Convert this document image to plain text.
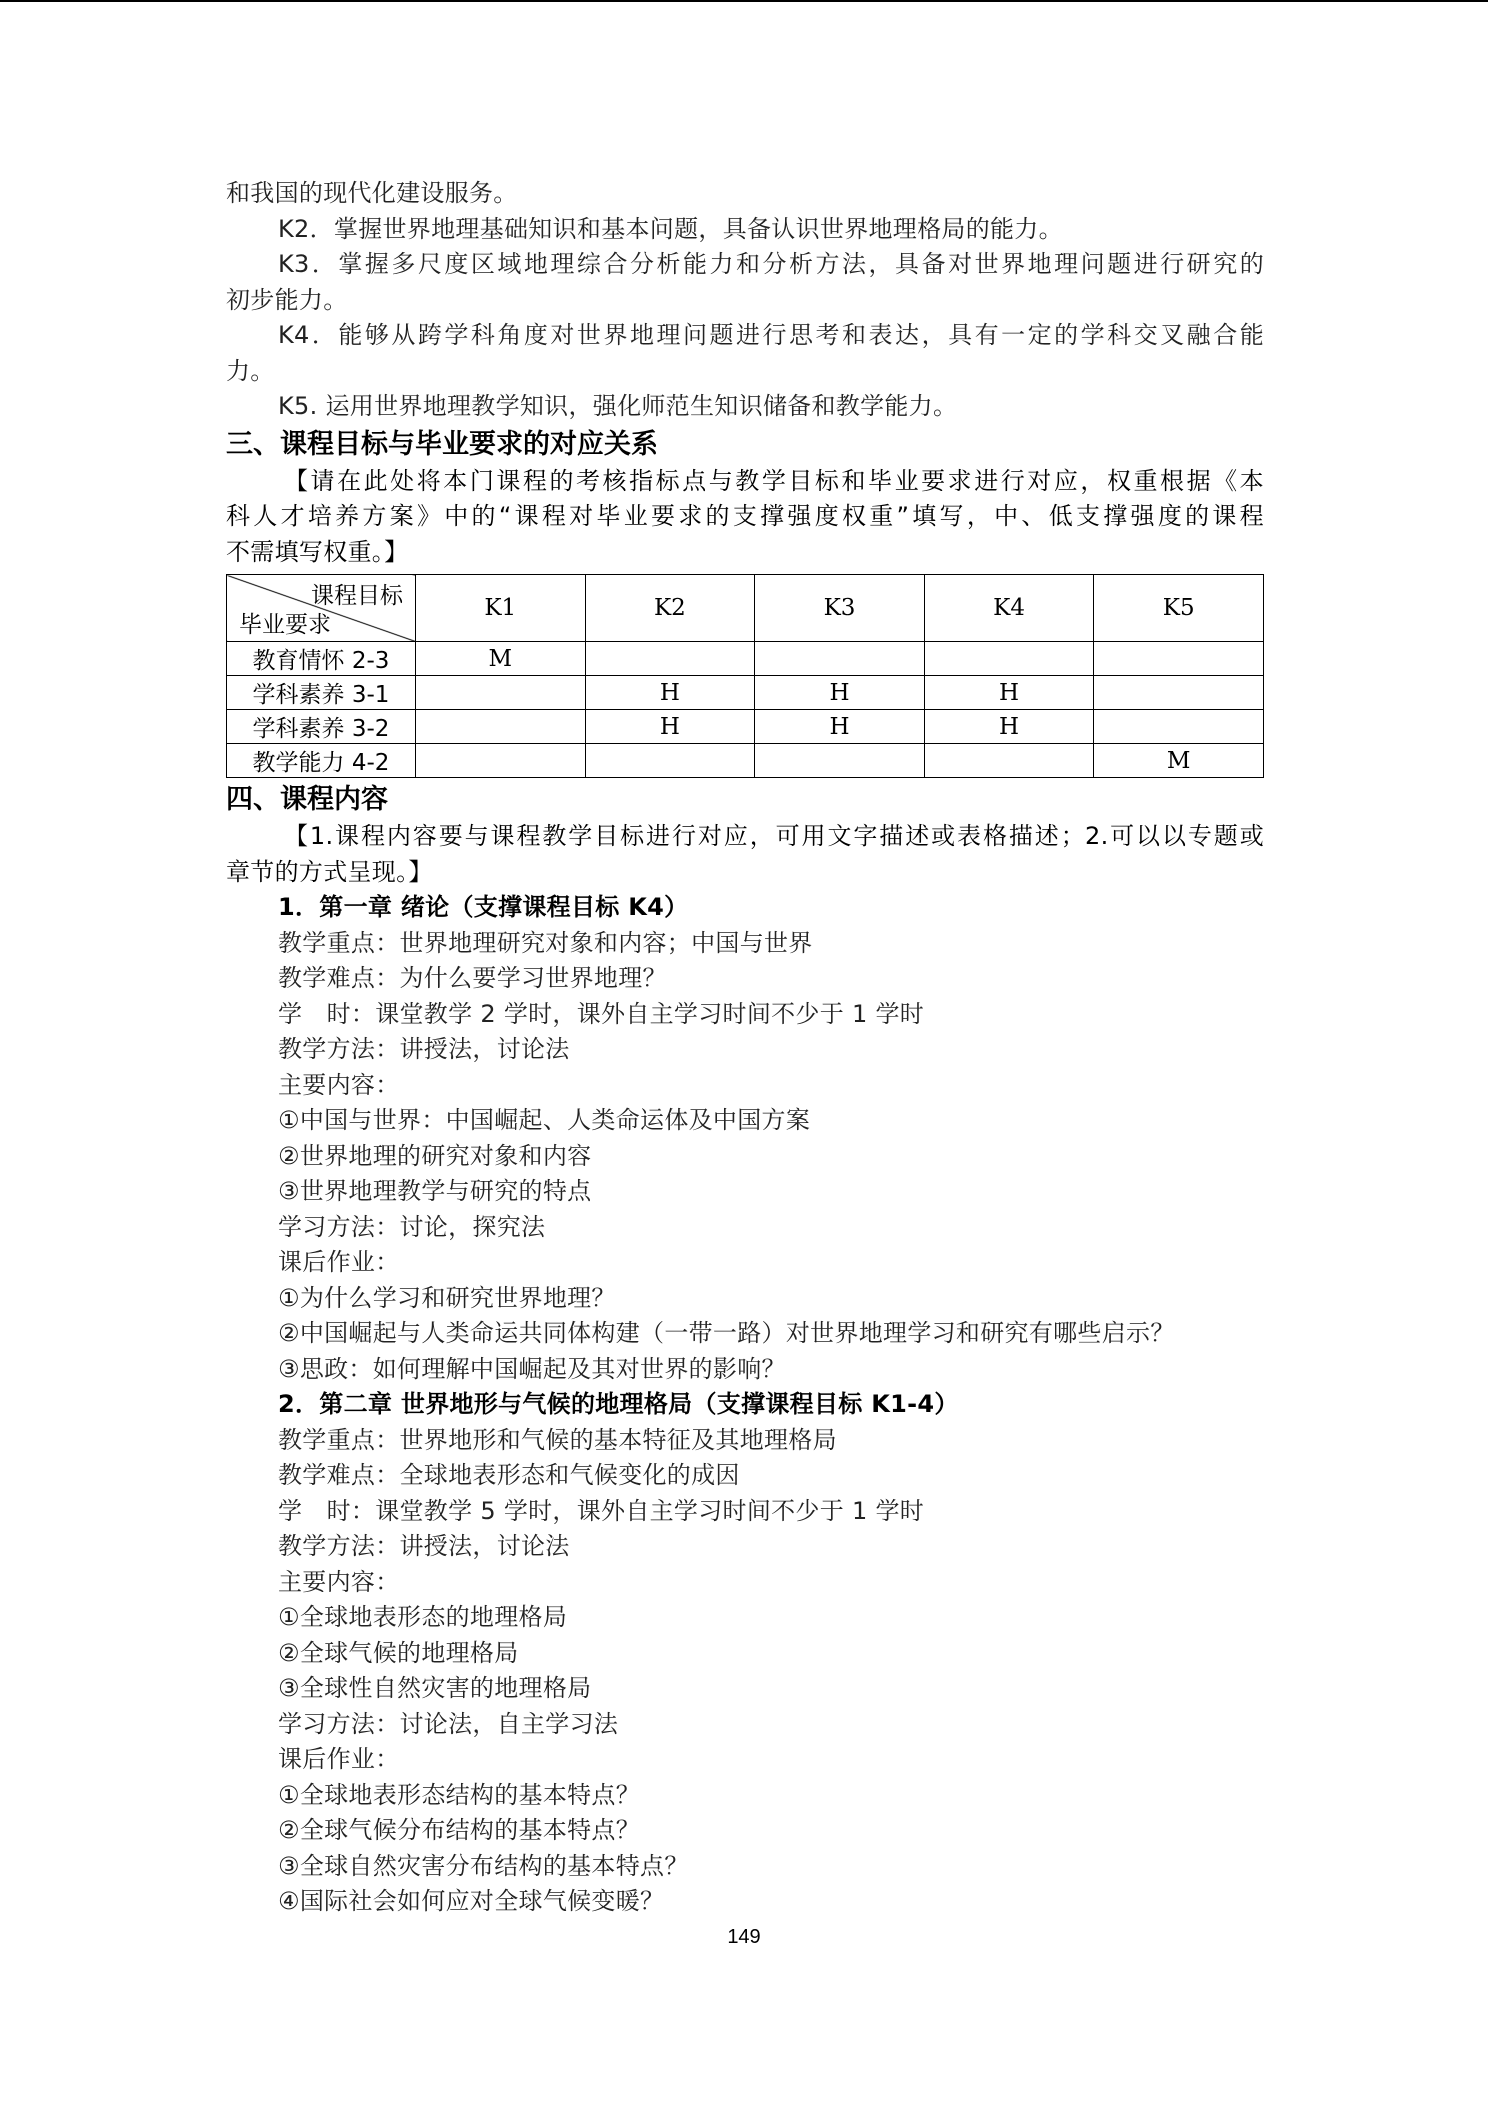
和我国的现代化建设服务。
K2．掌握世界地理基础知识和基本问题，具备认识世界地理格局的能力。
K3．掌握多尺度区域地理综合分析能力和分析方法，具备对世界地理问题进行研究的
初步能力。
K4．能够从跨学科角度对世界地理问题进行思考和表达，具有一定的学科交叉融合能
力。
K5. 运用世界地理教学知识，强化师范生知识储备和教学能力。
三、课程目标与毕业要求的对应关系
【请在此处将本门课程的考核指标点与教学目标和毕业要求进行对应，权重根据《本
科人才培养方案》中的“课程对毕业要求的支撑强度权重”填写，中、低支撑强度的课程
不需填写权重。】
课程目标
毕业要求	K1	K2	K3	K4	K5
教育情怀 2-3	M				
学科素养 3-1		H	H	H	
学科素养 3-2		H	H	H	
教学能力 4-2					M
四、课程内容
【1.课程内容要与课程教学目标进行对应，可用文字描述或表格描述；2.可以以专题或
章节的方式呈现。】
1．第一章 绪论（支撑课程目标 K4）
教学重点：世界地理研究对象和内容；中国与世界
教学难点：为什么要学习世界地理？
学　时：课堂教学 2 学时，课外自主学习时间不少于 1 学时
教学方法：讲授法，讨论法
主要内容：
①中国与世界：中国崛起、人类命运体及中国方案
②世界地理的研究对象和内容
③世界地理教学与研究的特点
学习方法：讨论，探究法
课后作业：
①为什么学习和研究世界地理？
②中国崛起与人类命运共同体构建（一带一路）对世界地理学习和研究有哪些启示？
③思政：如何理解中国崛起及其对世界的影响？
2．第二章 世界地形与气候的地理格局（支撑课程目标 K1-4）
教学重点：世界地形和气候的基本特征及其地理格局
教学难点：全球地表形态和气候变化的成因
学　时：课堂教学 5 学时，课外自主学习时间不少于 1 学时
教学方法：讲授法，讨论法
主要内容：
①全球地表形态的地理格局
②全球气候的地理格局
③全球性自然灾害的地理格局
学习方法：讨论法，自主学习法
课后作业：
①全球地表形态结构的基本特点？
②全球气候分布结构的基本特点？
③全球自然灾害分布结构的基本特点？
④国际社会如何应对全球气候变暖？
149
